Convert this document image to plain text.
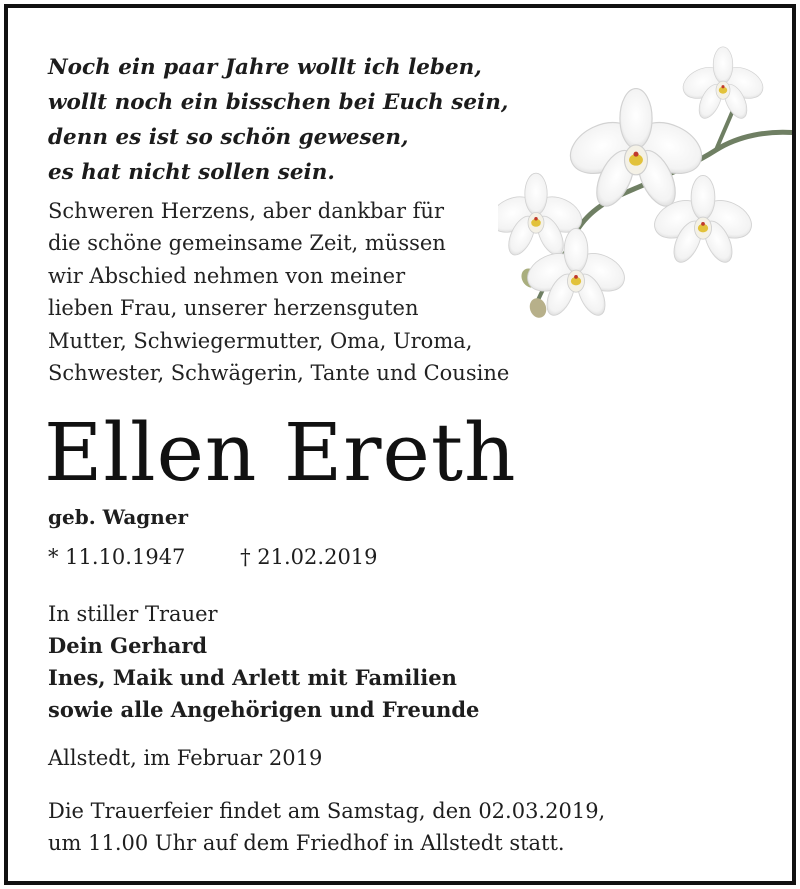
Noch ein paar Jahre wollt ich leben,
wollt noch ein bisschen bei Euch sein,
denn es ist so schön gewesen,
es hat nicht sollen sein.
Schweren Herzens, aber dankbar für
die schöne gemeinsame Zeit, müssen
wir Abschied nehmen von meiner
lieben Frau, unserer herzensguten
Mutter, Schwiegermutter, Oma, Uroma,
Schwester, Schwägerin, Tante und Cousine
Ellen Ereth
geb. Wagner
* 11.10.1947	† 21.02.2019
In stiller Trauer
Dein Gerhard
Ines, Maik und Arlett mit Familien
sowie alle Angehörigen und Freunde
Allstedt, im Februar 2019
Die Trauerfeier findet am Samstag, den 02.03.2019,
um 11.00 Uhr auf dem Friedhof in Allstedt statt.
